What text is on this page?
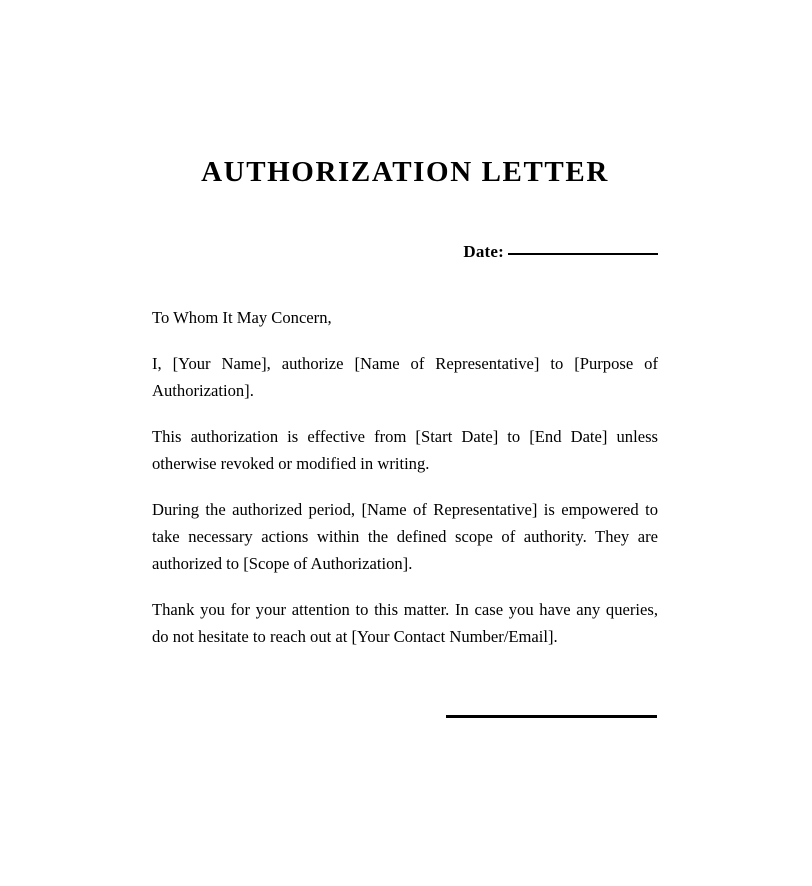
AUTHORIZATION LETTER
Date:

To Whom It May Concern,

I, [Your Name], authorize [Name of Representative] to [Purpose of Authorization].

This authorization is effective from [Start Date] to [End Date] unless otherwise revoked or modified in writing.

During the authorized period, [Name of Representative] is empowered to take necessary actions within the defined scope of authority. They are authorized to [Scope of Authorization].

Thank you for your attention to this matter. In case you have any queries, do not hesitate to reach out at [Your Contact Number/Email].
